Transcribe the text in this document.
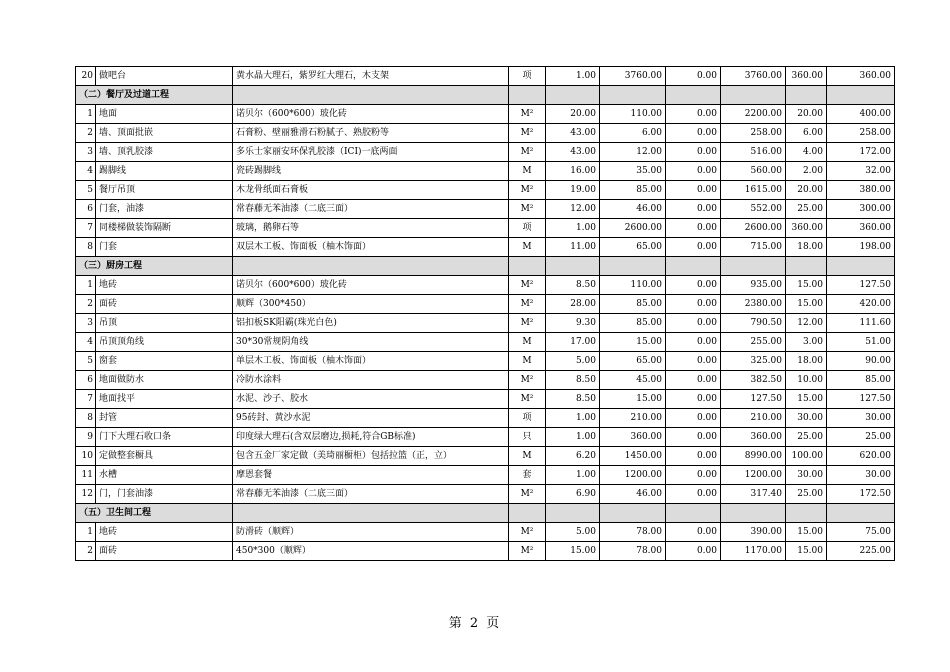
20	做吧台	黄水晶大理石，紫罗红大理石，木支架	项	1.00	3760.00	0.00	3760.00	360.00	360.00
（二）餐厅及过道工程									
1	地面	诺贝尔（600*600）玻化砖	M²	20.00	110.00	0.00	2200.00	20.00	400.00
2	墙、顶面批嵌	石膏粉、壁丽雅滑石粉腻子、熟胶粉等	M²	43.00	6.00	0.00	258.00	6.00	258.00
3	墙、顶乳胶漆	多乐士家丽安环保乳胶漆（ICI)一底两面	M²	43.00	12.00	0.00	516.00	4.00	172.00
4	踢脚线	瓷砖踢脚线	M	16.00	35.00	0.00	560.00	2.00	32.00
5	餐厅吊顶	木龙骨纸面石膏板	M²	19.00	85.00	0.00	1615.00	20.00	380.00
6	门套，油漆	常春藤无苯油漆（二底三面）	M²	12.00	46.00	0.00	552.00	25.00	300.00
7	同楼梯做装饰隔断	玻璃，鹅卵石等	项	1.00	2600.00	0.00	2600.00	360.00	360.00
8	门套	双层木工板、饰面板（柚木饰面）	M	11.00	65.00	0.00	715.00	18.00	198.00
（三）厨房工程									
1	地砖	诺贝尔（600*600）玻化砖	M²	8.50	110.00	0.00	935.00	15.00	127.50
2	面砖	顺辉（300*450）	M²	28.00	85.00	0.00	2380.00	15.00	420.00
3	吊顶	铝扣板SK阳霸(珠光白色)	M²	9.30	85.00	0.00	790.50	12.00	111.60
4	吊顶顶角线	30*30常规阴角线	M	17.00	15.00	0.00	255.00	3.00	51.00
5	窗套	单层木工板、饰面板（柚木饰面）	M	5.00	65.00	0.00	325.00	18.00	90.00
6	地面做防水	冷防水涂料	M²	8.50	45.00	0.00	382.50	10.00	85.00
7	地面找平	水泥、沙子、胶水	M²	8.50	15.00	0.00	127.50	15.00	127.50
8	封管	95砖封、黄沙水泥	项	1.00	210.00	0.00	210.00	30.00	30.00
9	门下大理石收口条	印度绿大理石(含双层磨边,损耗,符合GB标准)	只	1.00	360.00	0.00	360.00	25.00	25.00
10	定做整套橱具	包含五金厂家定做（美琦丽橱柜）包括拉篮（正，立）	M	6.20	1450.00	0.00	8990.00	100.00	620.00
11	水槽	摩恩套餐	套	1.00	1200.00	0.00	1200.00	30.00	30.00
12	门，门套油漆	常春藤无苯油漆（二底三面）	M²	6.90	46.00	0.00	317.40	25.00	172.50
（五）卫生间工程									
1	地砖	防滑砖（顺辉）	M²	5.00	78.00	0.00	390.00	15.00	75.00
2	面砖	450*300（顺辉）	M²	15.00	78.00	0.00	1170.00	15.00	225.00
第 2 页
